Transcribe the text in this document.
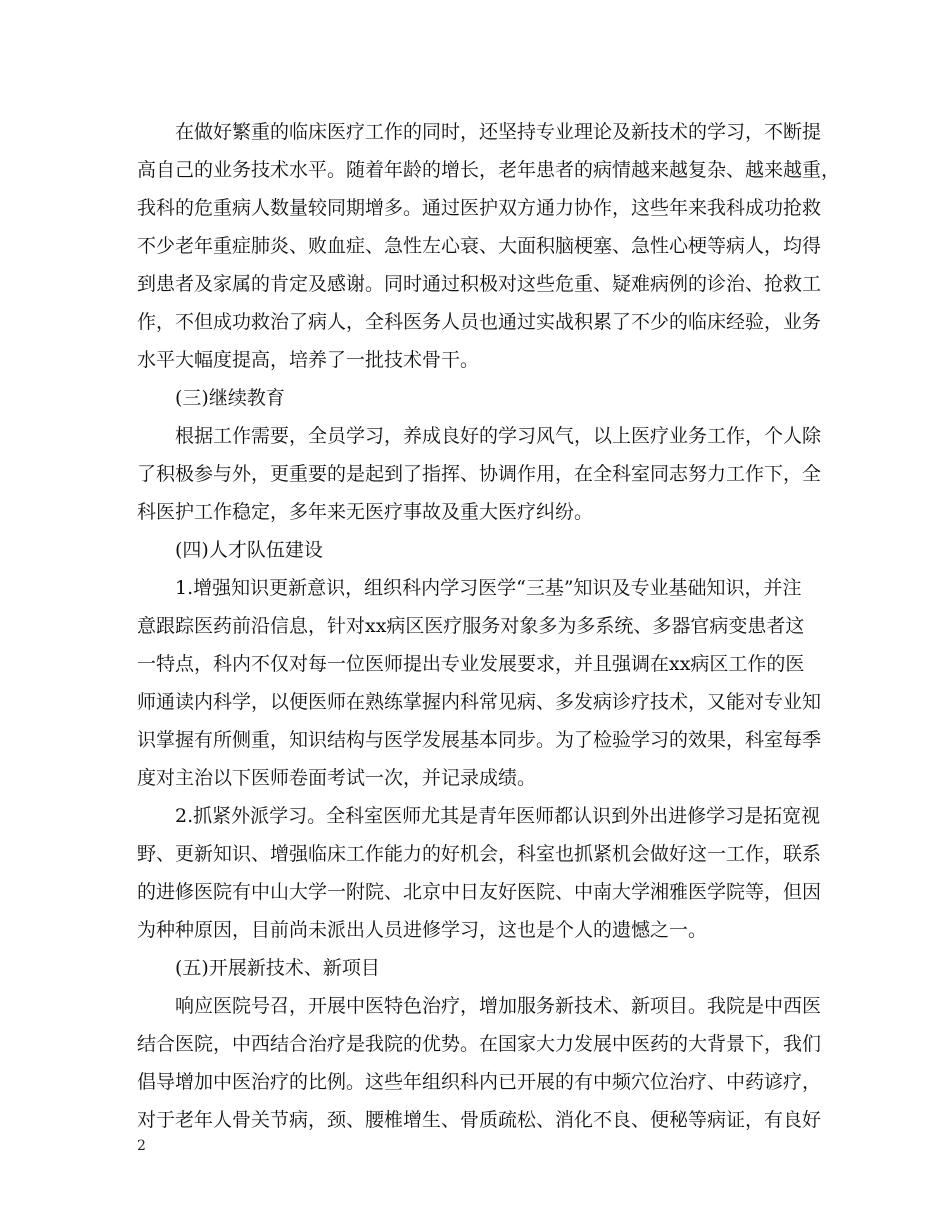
在做好繁重的临床医疗工作的同时，还坚持专业理论及新技术的学习，不断提
高自己的业务技术水平。随着年龄的增长，老年患者的病情越来越复杂、越来越重，
我科的危重病人数量较同期增多。通过医护双方通力协作，这些年来我科成功抢救
不少老年重症肺炎、败血症、急性左心衰、大面积脑梗塞、急性心梗等病人，均得
到患者及家属的肯定及感谢。同时通过积极对这些危重、疑难病例的诊治、抢救工
作，不但成功救治了病人，全科医务人员也通过实战积累了不少的临床经验，业务
水平大幅度提高，培养了一批技术骨干。
(三)继续教育
根据工作需要，全员学习，养成良好的学习风气，以上医疗业务工作，个人除
了积极参与外，更重要的是起到了指挥、协调作用，在全科室同志努力工作下，全
科医护工作稳定，多年来无医疗事故及重大医疗纠纷。
(四)人才队伍建设
1.增强知识更新意识，组织科内学习医学“三基”知识及专业基础知识，并注
意跟踪医药前沿信息，针对xx病区医疗服务对象多为多系统、多器官病变患者这
一特点，科内不仅对每一位医师提出专业发展要求，并且强调在xx病区工作的医
师通读内科学，以便医师在熟练掌握内科常见病、多发病诊疗技术，又能对专业知
识掌握有所侧重，知识结构与医学发展基本同步。为了检验学习的效果，科室每季
度对主治以下医师卷面考试一次，并记录成绩。
2.抓紧外派学习。全科室医师尤其是青年医师都认识到外出进修学习是拓宽视
野、更新知识、增强临床工作能力的好机会，科室也抓紧机会做好这一工作，联系
的进修医院有中山大学一附院、北京中日友好医院、中南大学湘雅医学院等，但因
为种种原因，目前尚未派出人员进修学习，这也是个人的遗憾之一。
(五)开展新技术、新项目
响应医院号召，开展中医特色治疗，增加服务新技术、新项目。我院是中西医
结合医院，中西结合治疗是我院的优势。在国家大力发展中医药的大背景下，我们
倡导增加中医治疗的比例。这些年组织科内已开展的有中频穴位治疗、中药谚疗，
对于老年人骨关节病，颈、腰椎增生、骨质疏松、消化不良、便秘等病证，有良好
2
